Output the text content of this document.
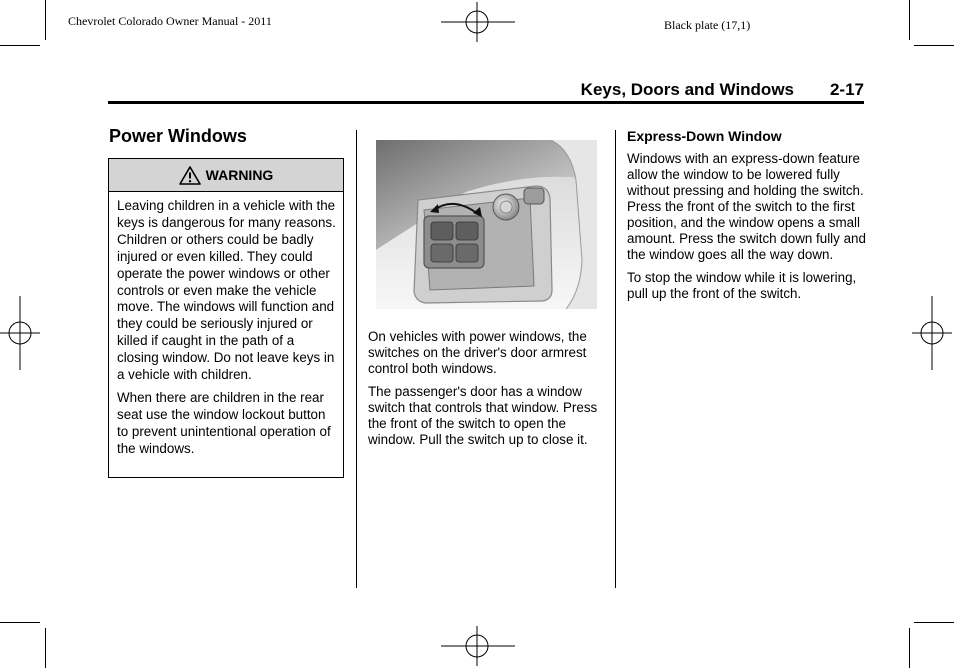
Chevrolet Colorado Owner Manual - 2011	Black plate (17,1)
Keys, Doors and Windows 2-17
Power Windows
WARNING

Leaving children in a vehicle with the keys is dangerous for many reasons. Children or others could be badly injured or even killed. They could operate the power windows or other controls or even make the vehicle move. The windows will function and they could be seriously injured or killed if caught in the path of a closing window. Do not leave keys in a vehicle with children.

When there are children in the rear seat use the window lockout button to prevent unintentional operation of the windows.

On vehicles with power windows, the switches on the driver's door armrest control both windows.

The passenger's door has a window switch that controls that window. Press the front of the switch to open the window. Pull the switch up to close it.

Express-Down Window

Windows with an express-down feature allow the window to be lowered fully without pressing and holding the switch. Press the front of the switch to the first position, and the window opens a small amount. Press the switch down fully and the window goes all the way down.

To stop the window while it is lowering, pull up the front of the switch.
